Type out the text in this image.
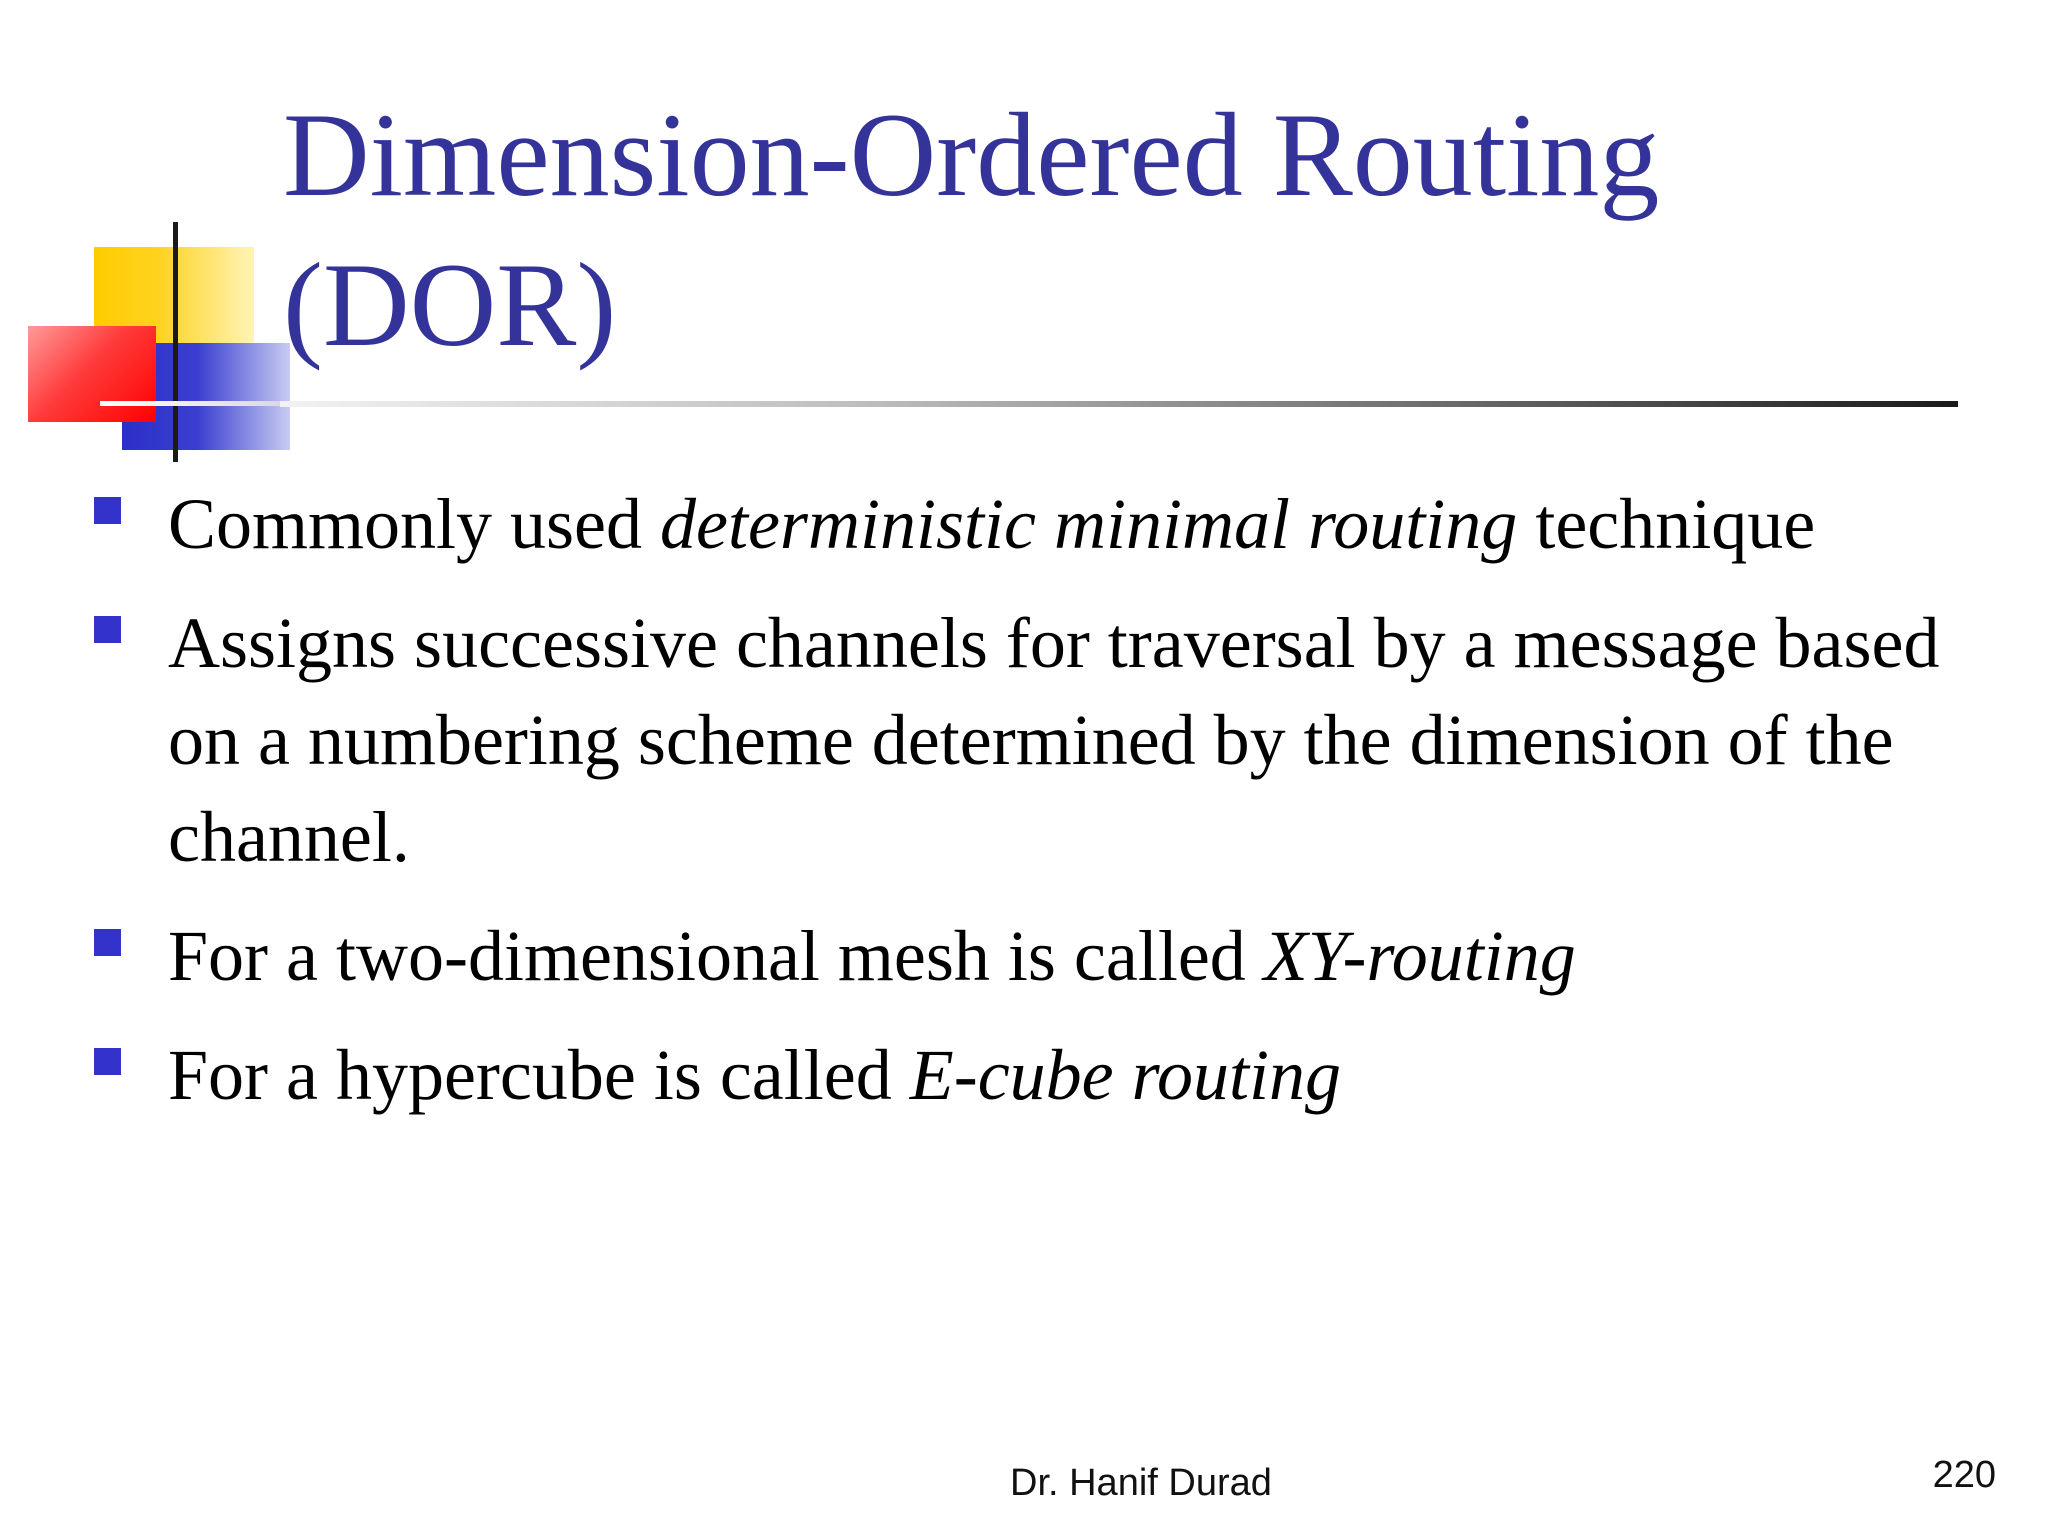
Dimension-Ordered Routing (DOR)
Commonly used deterministic minimal routing technique
Assigns successive channels for traversal by a message based on a numbering scheme determined by the dimension of the channel.
For a two-dimensional mesh is called XY-routing
For a hypercube is called E-cube routing
Dr. Hanif Durad	220
